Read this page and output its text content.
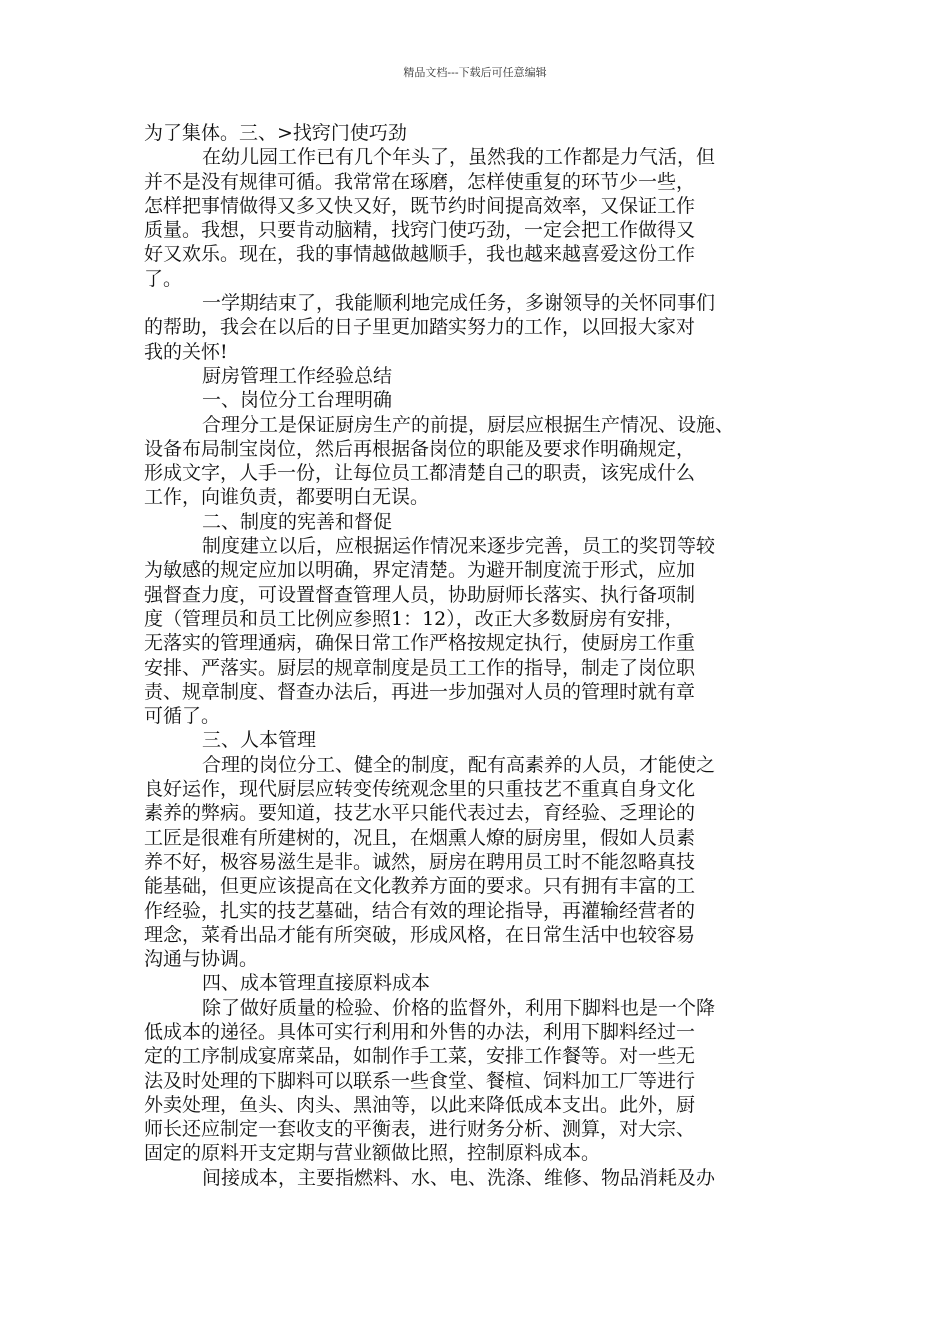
精品文档---下载后可任意编辑
为了集体。三、>找窍门使巧劲
在幼儿园工作已有几个年头了，虽然我的工作都是力气活，但
并不是没有规律可循。我常常在琢磨，怎样使重复的环节少一些，
怎样把事情做得又多又快又好，既节约时间提高效率，又保证工作
质量。我想，只要肯动脑精，找窍门使巧劲，一定会把工作做得又
好又欢乐。现在，我的事情越做越顺手，我也越来越喜爱这份工作
了。
一学期结束了，我能顺利地完成任务，多谢领导的关怀同事们
的帮助，我会在以后的日子里更加踏实努力的工作，以回报大家对
我的关怀!
厨房管理工作经验总结
一、岗位分工台理明确
合理分工是保证厨房生产的前提，厨层应根据生产情况、设施、
设备布局制宝岗位，然后再根据备岗位的职能及要求作明确规定，
形成文字，人手一份，让每位员工都清楚自己的职责，该宪成什么
工作，向谁负责，都要明白无误。
二、制度的宪善和督促
制度建立以后，应根据运作情况来逐步完善，员工的奖罚等较
为敏感的规定应加以明确，界定清楚。为避开制度流于形式，应加
强督查力度，可设置督查管理人员，协助厨师长落实、执行备项制
度（管理员和员工比例应参照1：12），改正大多数厨房有安排，
无落实的管理通病，确保日常工作严格按规定执行，使厨房工作重
安排、严落实。厨层的规章制度是员工工作的指导，制走了岗位职
责、规章制度、督查办法后，再进一步加强对人员的管理时就有章
可循了。
三、人本管理
合理的岗位分工、健全的制度，配有高素养的人员，才能使之
良好运作，现代厨层应转变传统观念里的只重技艺不重真自身文化
素养的弊病。要知道，技艺水平只能代表过去，育经验、乏理论的
工匠是很难有所建树的，况且，在烟熏人燎的厨房里，假如人员素
养不好，极容易滋生是非。诚然，厨房在聘用员工时不能忽略真技
能基础，但更应该提高在文化教养方面的要求。只有拥有丰富的工
作经验，扎实的技艺墓础，结合有效的理论指导，再灌输经营者的
理念，菜肴出品才能有所突破，形成风格，在日常生活中也较容易
沟通与协调。
四、成本管理直接原料成本
除了做好质量的检验、价格的监督外，利用下脚料也是一个降
低成本的递径。具体可实行利用和外售的办法，利用下脚料经过一
定的工序制成宴席菜品，如制作手工菜，安排工作餐等。对一些无
法及时处理的下脚料可以联系一些食堂、餐楦、饲料加工厂等进行
外卖处理，鱼头、肉头、黑油等，以此来降低成本支出。此外，厨
师长还应制定一套收支的平衡表，进行财务分析、测算，对大宗、
固定的原料开支定期与营业额做比照，控制原料成本。
间接成本，主要指燃料、水、电、洗涤、维修、物品消耗及办
